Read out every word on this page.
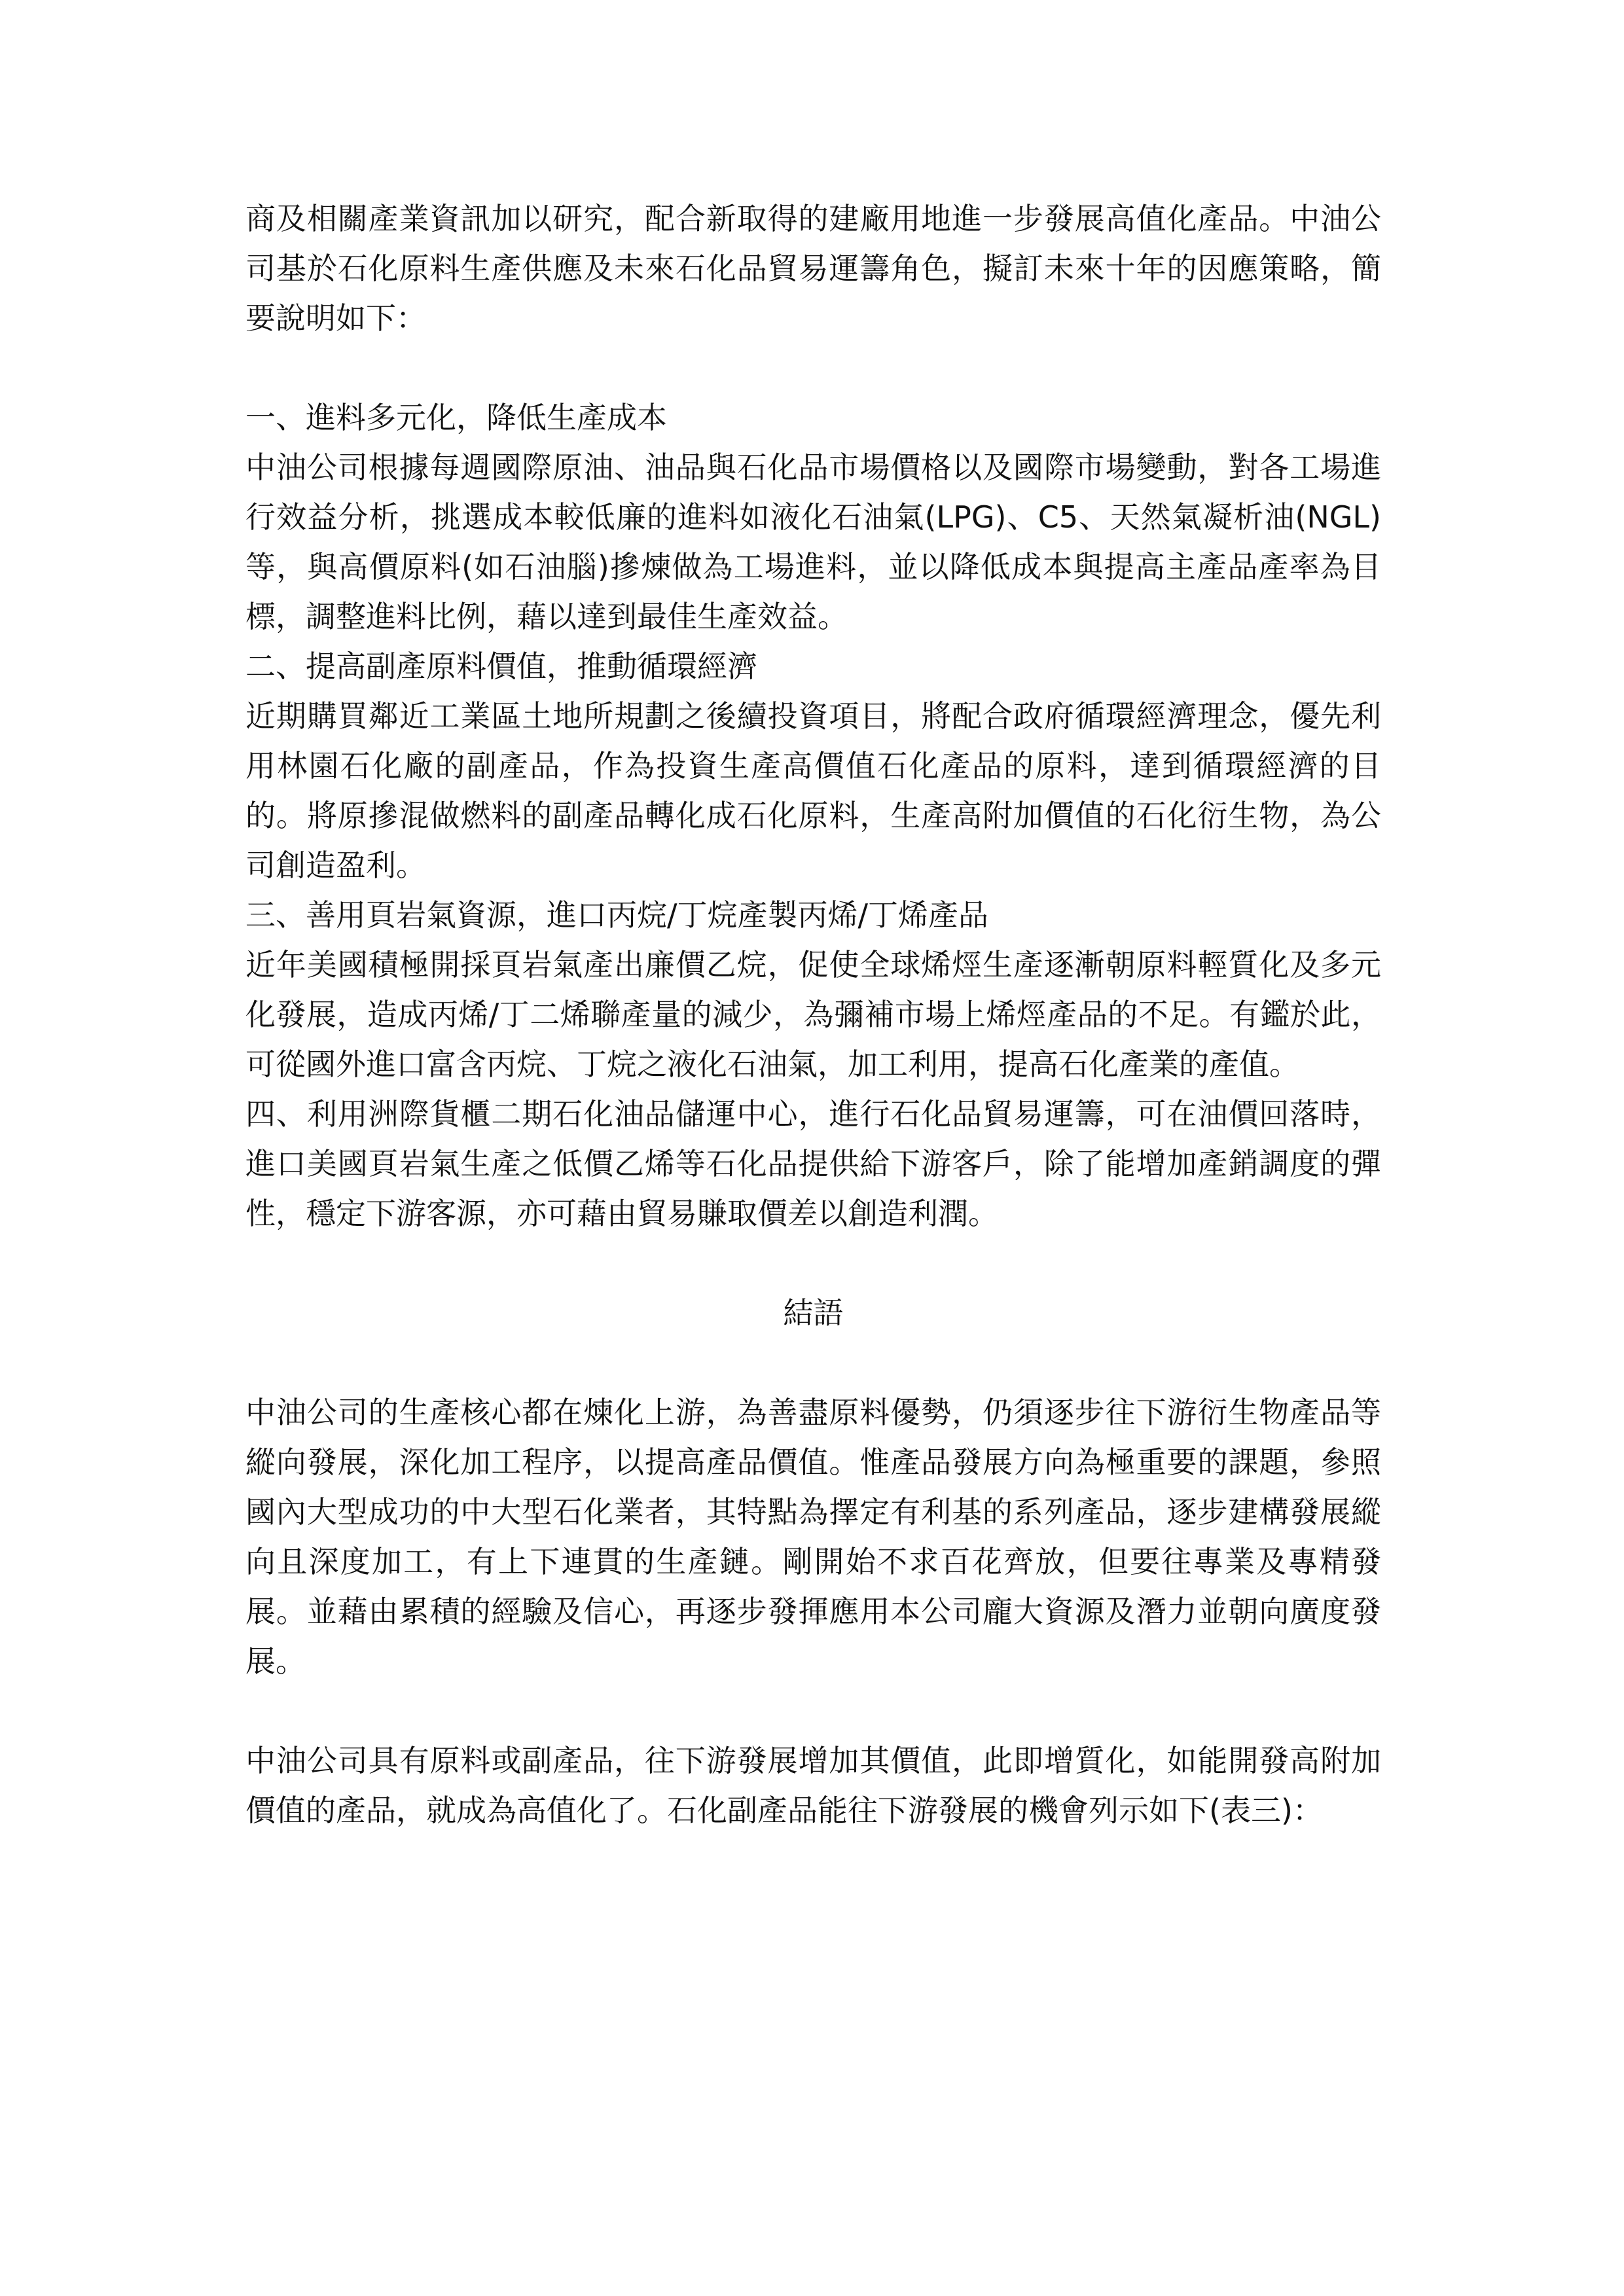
商及相關產業資訊加以研究，配合新取得的建廠用地進一步發展高值化產品。中油公司基於石化原料生產供應及未來石化品貿易運籌角色，擬訂未來十年的因應策略，簡要說明如下：

一、進料多元化，降低生產成本

中油公司根據每週國際原油、油品與石化品市場價格以及國際市場變動，對各工場進行效益分析，挑選成本較低廉的進料如液化石油氣(LPG)、C5、天然氣凝析油(NGL)等，與高價原料(如石油腦)摻煉做為工場進料，並以降低成本與提高主產品產率為目標，調整進料比例，藉以達到最佳生產效益。

二、提高副產原料價值，推動循環經濟

近期購買鄰近工業區土地所規劃之後續投資項目，將配合政府循環經濟理念，優先利用林園石化廠的副產品，作為投資生產高價值石化產品的原料，達到循環經濟的目的。將原摻混做燃料的副產品轉化成石化原料，生產高附加價值的石化衍生物，為公司創造盈利。

三、善用頁岩氣資源，進口丙烷/丁烷產製丙烯/丁烯產品

近年美國積極開採頁岩氣產出廉價乙烷，促使全球烯烴生產逐漸朝原料輕質化及多元化發展，造成丙烯/丁二烯聯產量的減少，為彌補市場上烯烴產品的不足。有鑑於此，可從國外進口富含丙烷、丁烷之液化石油氣，加工利用，提高石化產業的產值。

四、利用洲際貨櫃二期石化油品儲運中心，進行石化品貿易運籌，可在油價回落時，進口美國頁岩氣生產之低價乙烯等石化品提供給下游客戶，除了能增加產銷調度的彈性，穩定下游客源，亦可藉由貿易賺取價差以創造利潤。

結語

中油公司的生產核心都在煉化上游，為善盡原料優勢，仍須逐步往下游衍生物產品等縱向發展，深化加工程序，以提高產品價值。惟產品發展方向為極重要的課題，參照國內大型成功的中大型石化業者，其特點為擇定有利基的系列產品，逐步建構發展縱向且深度加工，有上下連貫的生產鏈。剛開始不求百花齊放，但要往專業及專精發展。並藉由累積的經驗及信心，再逐步發揮應用本公司龐大資源及潛力並朝向廣度發展。

中油公司具有原料或副產品，往下游發展增加其價值，此即增質化，如能開發高附加價值的產品，就成為高值化了。石化副產品能往下游發展的機會列示如下(表三)：
